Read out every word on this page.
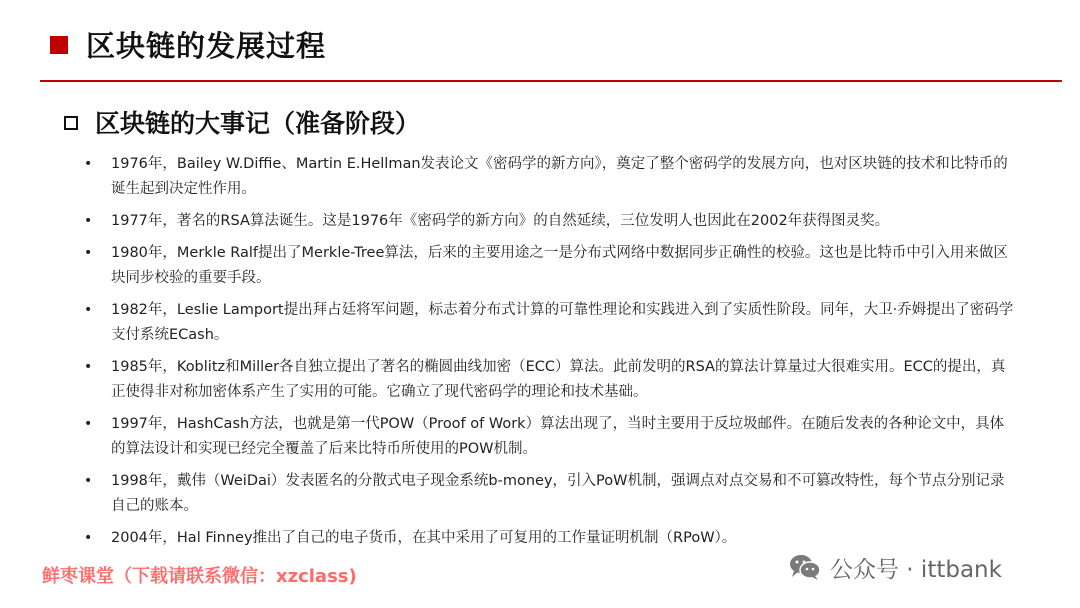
区块链的发展过程
区块链的大事记（准备阶段）
• 1976年，Bailey W.Diffie、Martin E.Hellman发表论文《密码学的新方向》，奠定了整个密码学的发展方向，也对区块链的技术和比特币的诞生起到决定性作用。
• 1977年，著名的RSA算法诞生。这是1976年《密码学的新方向》的自然延续，三位发明人也因此在2002年获得图灵奖。
• 1980年，Merkle Ralf提出了Merkle-Tree算法，后来的主要用途之一是分布式网络中数据同步正确性的校验。这也是比特币中引入用来做区块同步校验的重要手段。
• 1982年，Leslie Lamport提出拜占廷将军问题，标志着分布式计算的可靠性理论和实践进入到了实质性阶段。同年，大卫·乔姆提出了密码学支付系统ECash。
• 1985年，Koblitz和Miller各自独立提出了著名的椭圆曲线加密（ECC）算法。此前发明的RSA的算法计算量过大很难实用。ECC的提出，真正使得非对称加密体系产生了实用的可能。它确立了现代密码学的理论和技术基础。
• 1997年，HashCash方法，也就是第一代POW（Proof of Work）算法出现了，当时主要用于反垃圾邮件。在随后发表的各种论文中，具体的算法设计和实现已经完全覆盖了后来比特币所使用的POW机制。
• 1998年，戴伟（WeiDai）发表匿名的分散式电子现金系统b-money，引入PoW机制，强调点对点交易和不可篡改特性，每个节点分别记录自己的账本。
• 2004年，Hal Finney推出了自己的电子货币，在其中采用了可复用的工作量证明机制（RPoW）。
鲜枣课堂（下载请联系微信：xzclass)	公众号 · ittbank
